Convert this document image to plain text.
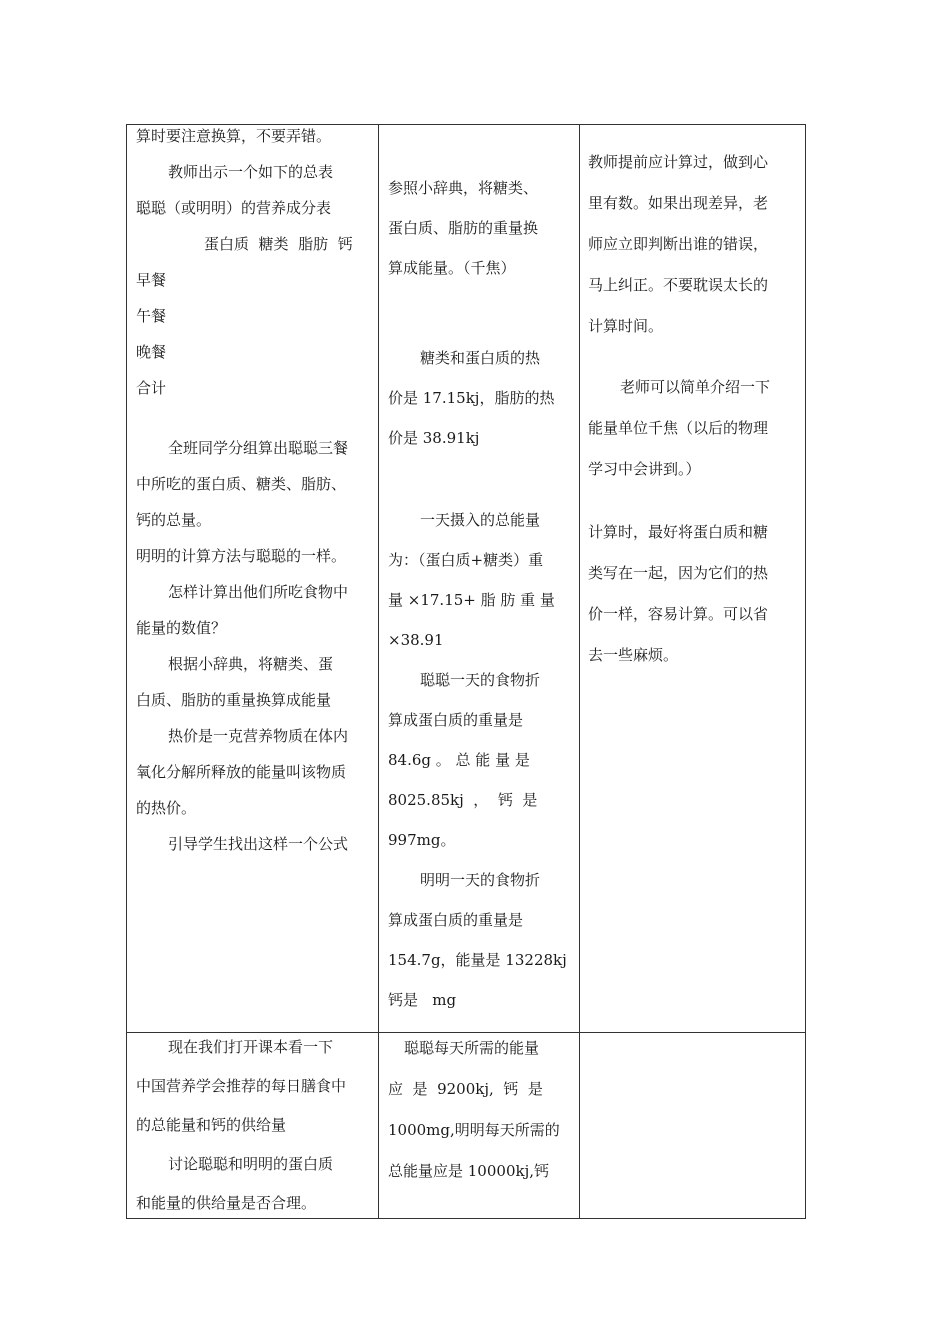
算时要注意换算，不要弄错。

教师出示一个如下的总表

聪聪（或明明）的营养成分表

蛋白质  糖类  脂肪  钙

早餐

午餐

晚餐

合计

全班同学分组算出聪聪三餐

中所吃的蛋白质、糖类、脂肪、

钙的总量。

明明的计算方法与聪聪的一样。

怎样计算出他们所吃食物中

能量的数值？

根据小辞典，将糖类、蛋

白质、脂肪的重量换算成能量

热价是一克营养物质在体内

氧化分解所释放的能量叫该物质

的热价。

引导学生找出这样一个公式

参照小辞典，将糖类、

蛋白质、脂肪的重量换

算成能量。（千焦）

糖类和蛋白质的热

价是 17.15kj，脂肪的热

价是 38.91kj

一天摄入的总能量

为：（蛋白质+糖类）重

量 ×17.15+ 脂 肪 重 量

×38.91

聪聪一天的食物折

算成蛋白质的重量是

84.6g 。 总 能 量 是

8025.85kj  ，  钙  是

997mg。

明明一天的食物折

算成蛋白质的重量是

154.7g，能量是 13228kj

钙是   mg

教师提前应计算过，做到心

里有数。如果出现差异，老

师应立即判断出谁的错误，

马上纠正。不要耽误太长的

计算时间。

老师可以简单介绍一下

能量单位千焦（以后的物理

学习中会讲到。）

计算时，最好将蛋白质和糖

类写在一起，因为它们的热

价一样，容易计算。可以省

去一些麻烦。

现在我们打开课本看一下

中国营养学会推荐的每日膳食中

的总能量和钙的供给量

讨论聪聪和明明的蛋白质

和能量的供给量是否合理。

聪聪每天所需的能量

应  是  9200kj,  钙  是

1000mg,明明每天所需的

总能量应是 10000kj,钙
